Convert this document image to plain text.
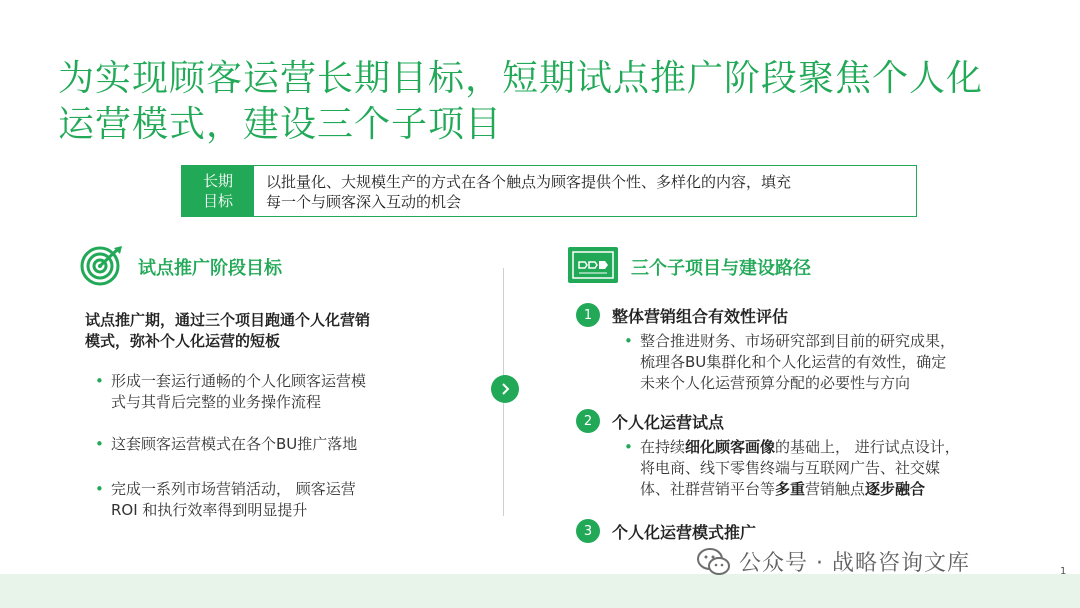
为实现顾客运营长期目标，短期试点推广阶段聚焦个人化
运营模式，建设三个子项目
长期
目标
以批量化、大规模生产的方式在各个触点为顾客提供个性、多样化的内容，填充
每一个与顾客深入互动的机会
试点推广阶段目标
试点推广期，通过三个项目跑通个人化营销
模式，弥补个人化运营的短板
• 形成一套运行通畅的个人化顾客运营模
式与其背后完整的业务操作流程
• 这套顾客运营模式在各个BU推广落地
• 完成一系列市场营销活动， 顾客运营
ROI 和执行效率得到明显提升
三个子项目与建设路径
1	整体营销组合有效性评估
• 整合推进财务、市场研究部到目前的研究成果，
梳理各BU集群化和个人化运营的有效性，确定
未来个人化运营预算分配的必要性与方向
2	个人化运营试点
• 在持续细化顾客画像的基础上， 进行试点设计，
将电商、线下零售终端与互联网广告、社交媒
体、社群营销平台等多重营销触点逐步融合
3	个人化运营模式推广
公众号 · 战略咨询文库	1
